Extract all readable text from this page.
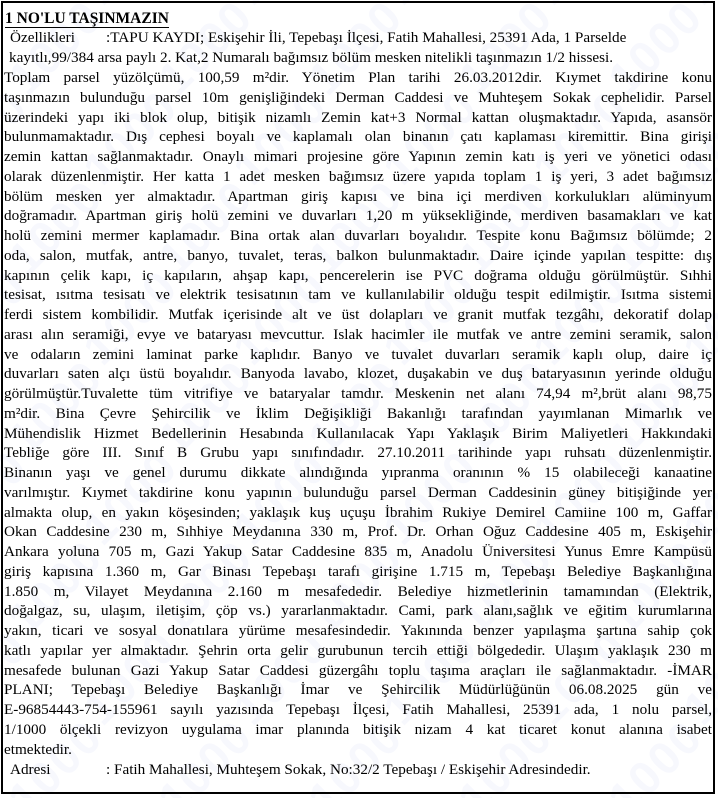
1 NO'LU TAŞINMAZIN
Özellikleri	:TAPU KAYDI; Eskişehir İli, Tepebaşı İlçesi, Fatih Mahallesi, 25391 Ada, 1 Parselde
kayıtlı,99/384 arsa paylı 2. Kat,2 Numaralı bağımsız bölüm mesken nitelikli taşınmazın 1/2 hissesi.
Toplam parsel yüzölçümü, 100,59 m²dir. Yönetim Plan tarihi 26.03.2012dir. Kıymet takdirine konu
taşınmazın bulunduğu parsel 10m genişliğindeki Derman Caddesi ve Muhteşem Sokak cephelidir. Parsel
üzerindeki yapı iki blok olup, bitişik nizamlı Zemin kat+3 Normal kattan oluşmaktadır. Yapıda, asansör
bulunmamaktadır. Dış cephesi boyalı ve kaplamalı olan binanın çatı kaplaması kiremittir. Bina girişi
zemin kattan sağlanmaktadır. Onaylı mimari projesine göre Yapının zemin katı iş yeri ve yönetici odası
olarak düzenlenmiştir. Her katta 1 adet mesken bağımsız üzere yapıda toplam 1 iş yeri, 3 adet bağımsız
bölüm mesken yer almaktadır. Apartman giriş kapısı ve bina içi merdiven korkulukları alüminyum
doğramadır. Apartman giriş holü zemini ve duvarları 1,20 m yüksekliğinde, merdiven basamakları ve kat
holü zemini mermer kaplamadır. Bina ortak alan duvarları boyalıdır. Tespite konu Bağımsız bölümde; 2
oda, salon, mutfak, antre, banyo, tuvalet, teras, balkon bulunmaktadır. Daire içinde yapılan tespitte: dış
kapının çelik kapı, iç kapıların, ahşap kapı, pencerelerin ise PVC doğrama olduğu görülmüştür. Sıhhi
tesisat, ısıtma tesisatı ve elektrik tesisatının tam ve kullanılabilir olduğu tespit edilmiştir. Isıtma sistemi
ferdi sistem kombilidir. Mutfak içerisinde alt ve üst dolapları ve granit mutfak tezgâhı, dekoratif dolap
arası alın seramiği, evye ve bataryası mevcuttur. Islak hacimler ile mutfak ve antre zemini seramik, salon
ve odaların zemini laminat parke kaplıdır. Banyo ve tuvalet duvarları seramik kaplı olup, daire iç
duvarları saten alçı üstü boyalıdır. Banyoda lavabo, klozet, duşakabin ve duş bataryasının yerinde olduğu
görülmüştür.Tuvalette tüm vitrifiye ve bataryalar tamdır. Meskenin net alanı 74,94 m²,brüt alanı 98,75
m²dir. Bina Çevre Şehircilik ve İklim Değişikliği Bakanlığı tarafından yayımlanan Mimarlık ve
Mühendislik Hizmet Bedellerinin Hesabında Kullanılacak Yapı Yaklaşık Birim Maliyetleri Hakkındaki
Tebliğe göre III. Sınıf B Grubu yapı sınıfındadır. 27.10.2011 tarihinde yapı ruhsatı düzenlenmiştir.
Binanın yaşı ve genel durumu dikkate alındığında yıpranma oranının % 15 olabileceği kanaatine
varılmıştır. Kıymet takdirine konu yapının bulunduğu parsel Derman Caddesinin güney bitişiğinde yer
almakta olup, en yakın köşesinden; yaklaşık kuş uçuşu İbrahim Rukiye Demirel Camiine 100 m, Gaffar
Okan Caddesine 230 m, Sıhhiye Meydanına 330 m, Prof. Dr. Orhan Oğuz Caddesine 405 m, Eskişehir
Ankara yoluna 705 m, Gazi Yakup Satar Caddesine 835 m, Anadolu Üniversitesi Yunus Emre Kampüsü
giriş kapısına 1.360 m, Gar Binası Tepebaşı tarafı girişine 1.715 m, Tepebaşı Belediye Başkanlığına
1.850 m, Vilayet Meydanına 2.160 m mesafededir. Belediye hizmetlerinin tamamından (Elektrik,
doğalgaz, su, ulaşım, iletişim, çöp vs.) yararlanmaktadır. Cami, park alanı,sağlık ve eğitim kurumlarına
yakın, ticari ve sosyal donatılara yürüme mesafesindedir. Yakınında benzer yapılaşma şartına sahip çok
katlı yapılar yer almaktadır. Şehrin orta gelir gurubunun tercih ettiği bölgededir. Ulaşım yaklaşık 230 m
mesafede bulunan Gazi Yakup Satar Caddesi güzergâhı toplu taşıma araçları ile sağlanmaktadır. -İMAR
PLANI; Tepebaşı Belediye Başkanlığı İmar ve Şehircilik Müdürlüğünün 06.08.2025 gün ve
E-96854443-754-155961 sayılı yazısında Tepebaşı İlçesi, Fatih Mahallesi, 25391 ada, 1 nolu parsel,
1/1000 ölçekli revizyon uygulama imar planında bitişik nizam 4 kat ticaret konut alanına isabet
etmektedir.
Adresi	: Fatih Mahallesi, Muhteşem Sokak, No:32/2 Tepebaşı / Eskişehir Adresindedir.
